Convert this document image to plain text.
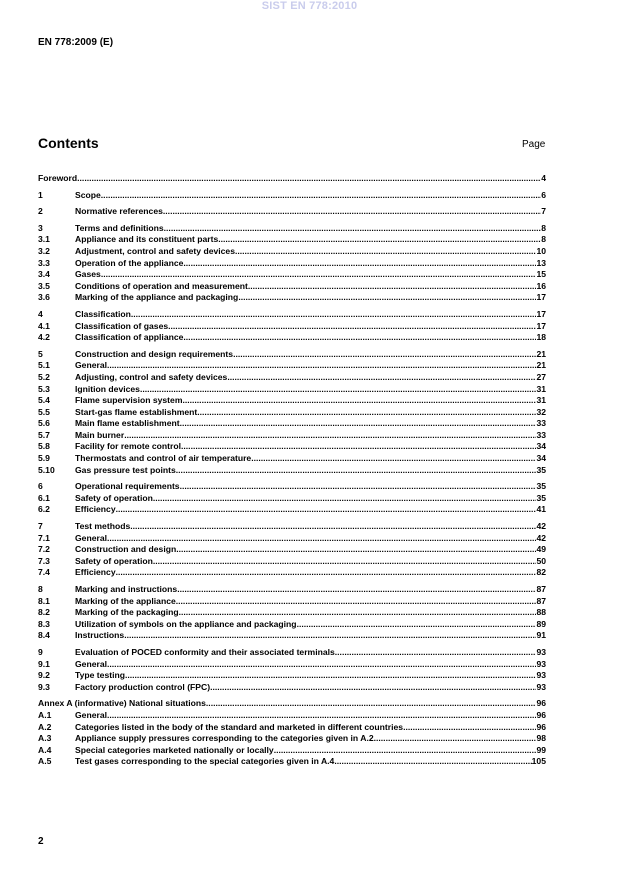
SIST EN 778:2010
EN 778:2009 (E)
Contents	Page
Foreword .....	4
1	Scope .....	6
2	Normative references .....	7
3	Terms and definitions .....	8
3.1	Appliance and its constituent parts .....	8
3.2	Adjustment, control and safety devices .....	10
3.3	Operation of the appliance .....	13
3.4	Gases .....	15
3.5	Conditions of operation and measurement .....	16
3.6	Marking of the appliance and packaging .....	17
4	Classification .....	17
4.1	Classification of gases .....	17
4.2	Classification of appliance .....	18
5	Construction and design requirements .....	21
5.1	General .....	21
5.2	Adjusting, control and safety devices .....	27
5.3	Ignition devices .....	31
5.4	Flame supervision system .....	31
5.5	Start-gas flame establishment .....	32
5.6	Main flame establishment .....	33
5.7	Main burner .....	33
5.8	Facility for remote control .....	34
5.9	Thermostats and control of air temperature .....	34
5.10 Gas pressure test points .....	35
6	Operational requirements .....	35
6.1	Safety of operation .....	35
6.2	Efficiency .....	41
7	Test methods .....	42
7.1	General .....	42
7.2	Construction and design .....	49
7.3	Safety of operation .....	50
7.4	Efficiency .....	82
8	Marking and instructions .....	87
8.1	Marking of the appliance .....	87
8.2	Marking of the packaging .....	88
8.3	Utilization of symbols on the appliance and packaging .....	89
8.4	Instructions .....	91
9	Evaluation of POCED conformity and their associated terminals .....	93
9.1	General .....	93
9.2	Type testing .....	93
9.3	Factory production control (FPC) .....	93
Annex A (informative) National situations .....	96
A.1	General .....	96
A.2	Categories listed in the body of the standard and marketed in different countries .....	96
A.3	Appliance supply pressures corresponding to the categories given in A.2 .....	98
A.4	Special categories marketed nationally or locally .....	99
A.5	Test gases corresponding to the special categories given in A.4 .....	105
2
